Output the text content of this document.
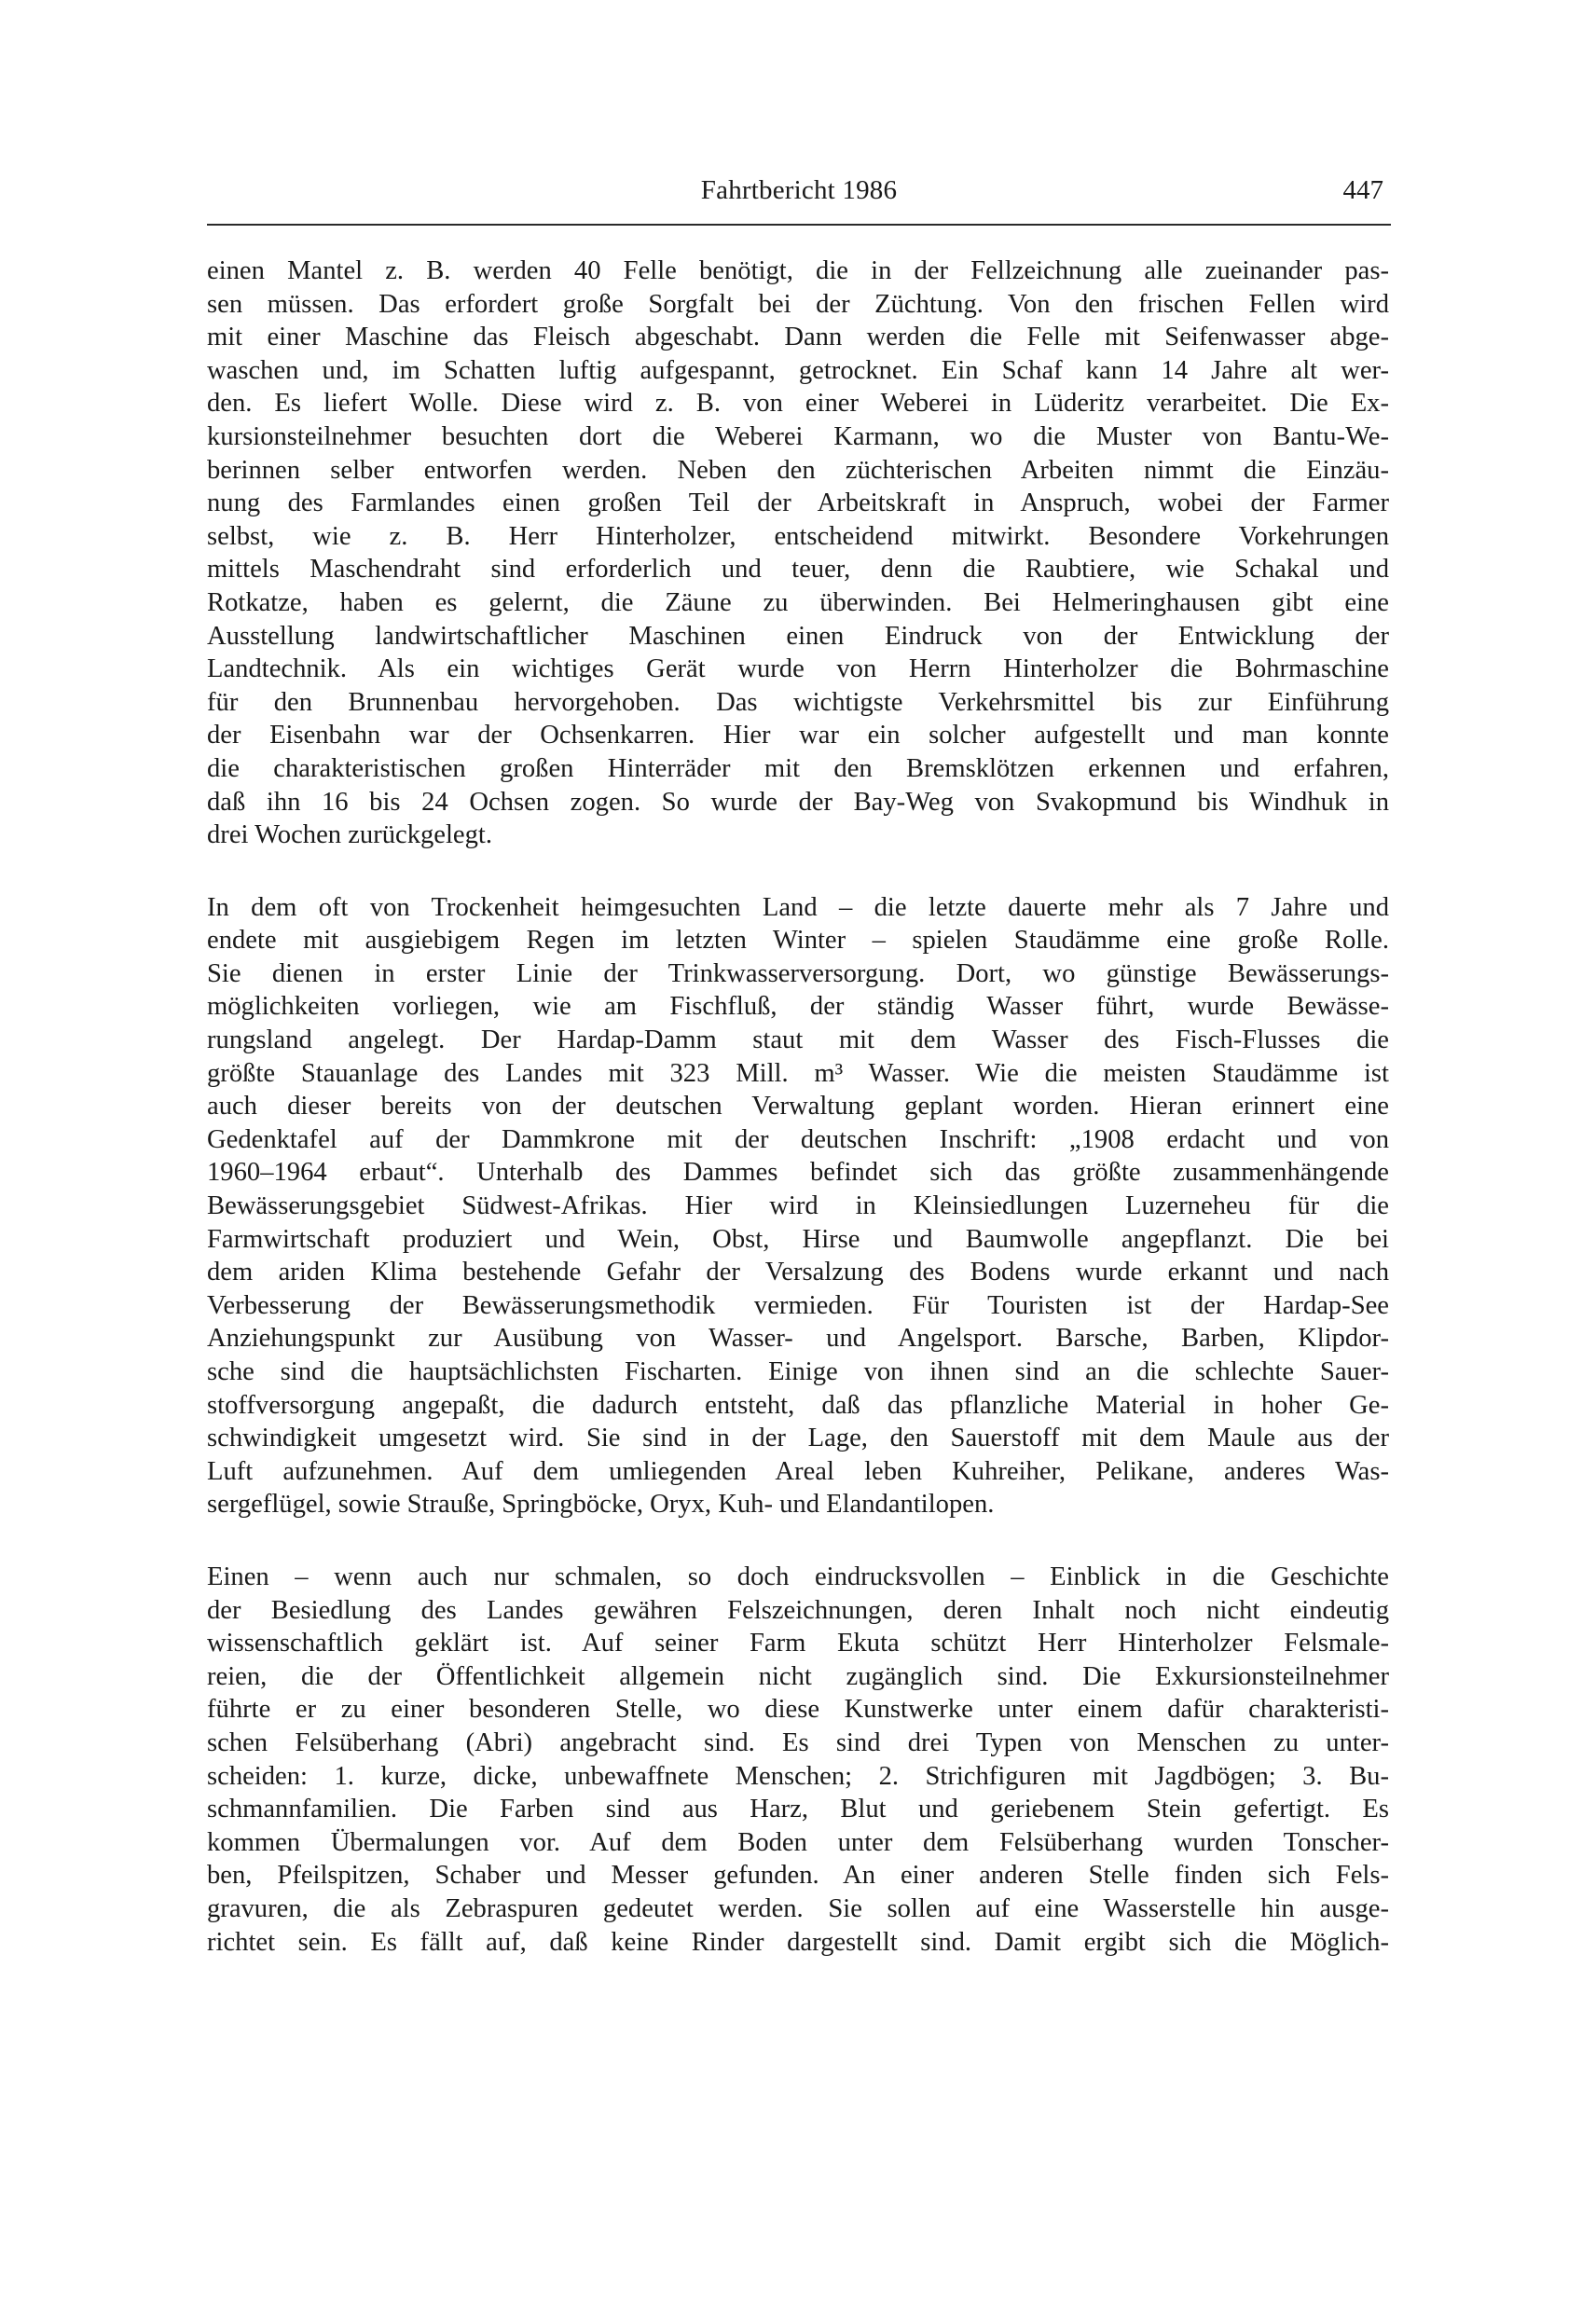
Fahrtbericht 1986	447
einen Mantel z. B. werden 40 Felle benötigt, die in der Fellzeichnung alle zueinander pas-
sen müssen. Das erfordert große Sorgfalt bei der Züchtung. Von den frischen Fellen wird
mit einer Maschine das Fleisch abgeschabt. Dann werden die Felle mit Seifenwasser abge-
waschen und, im Schatten luftig aufgespannt, getrocknet. Ein Schaf kann 14 Jahre alt wer-
den. Es liefert Wolle. Diese wird z. B. von einer Weberei in Lüderitz verarbeitet. Die Ex-
kursionsteilnehmer besuchten dort die Weberei Karmann, wo die Muster von Bantu-We-
berinnen selber entworfen werden. Neben den züchterischen Arbeiten nimmt die Einzäu-
nung des Farmlandes einen großen Teil der Arbeitskraft in Anspruch, wobei der Farmer
selbst, wie z. B. Herr Hinterholzer, entscheidend mitwirkt. Besondere Vorkehrungen
mittels Maschendraht sind erforderlich und teuer, denn die Raubtiere, wie Schakal und
Rotkatze, haben es gelernt, die Zäune zu überwinden. Bei Helmeringhausen gibt eine
Ausstellung landwirtschaftlicher Maschinen einen Eindruck von der Entwicklung der
Landtechnik. Als ein wichtiges Gerät wurde von Herrn Hinterholzer die Bohrmaschine
für den Brunnenbau hervorgehoben. Das wichtigste Verkehrsmittel bis zur Einführung
der Eisenbahn war der Ochsenkarren. Hier war ein solcher aufgestellt und man konnte
die charakteristischen großen Hinterräder mit den Bremsklötzen erkennen und erfahren,
daß ihn 16 bis 24 Ochsen zogen. So wurde der Bay-Weg von Svakopmund bis Windhuk in
drei Wochen zurückgelegt.
In dem oft von Trockenheit heimgesuchten Land – die letzte dauerte mehr als 7 Jahre und
endete mit ausgiebigem Regen im letzten Winter – spielen Staudämme eine große Rolle.
Sie dienen in erster Linie der Trinkwasserversorgung. Dort, wo günstige Bewässerungs-
möglichkeiten vorliegen, wie am Fischfluß, der ständig Wasser führt, wurde Bewässe-
rungsland angelegt. Der Hardap-Damm staut mit dem Wasser des Fisch-Flusses die
größte Stauanlage des Landes mit 323 Mill. m³ Wasser. Wie die meisten Staudämme ist
auch dieser bereits von der deutschen Verwaltung geplant worden. Hieran erinnert eine
Gedenktafel auf der Dammkrone mit der deutschen Inschrift: „1908 erdacht und von
1960–1964 erbaut“. Unterhalb des Dammes befindet sich das größte zusammenhängende
Bewässerungsgebiet Südwest-Afrikas. Hier wird in Kleinsiedlungen Luzerneheu für die
Farmwirtschaft produziert und Wein, Obst, Hirse und Baumwolle angepflanzt. Die bei
dem ariden Klima bestehende Gefahr der Versalzung des Bodens wurde erkannt und nach
Verbesserung der Bewässerungsmethodik vermieden. Für Touristen ist der Hardap-See
Anziehungspunkt zur Ausübung von Wasser- und Angelsport. Barsche, Barben, Klipdor-
sche sind die hauptsächlichsten Fischarten. Einige von ihnen sind an die schlechte Sauer-
stoffversorgung angepaßt, die dadurch entsteht, daß das pflanzliche Material in hoher Ge-
schwindigkeit umgesetzt wird. Sie sind in der Lage, den Sauerstoff mit dem Maule aus der
Luft aufzunehmen. Auf dem umliegenden Areal leben Kuhreiher, Pelikane, anderes Was-
sergeflügel, sowie Strauße, Springböcke, Oryx, Kuh- und Elandantilopen.
Einen – wenn auch nur schmalen, so doch eindrucksvollen – Einblick in die Geschichte
der Besiedlung des Landes gewähren Felszeichnungen, deren Inhalt noch nicht eindeutig
wissenschaftlich geklärt ist. Auf seiner Farm Ekuta schützt Herr Hinterholzer Felsmale-
reien, die der Öffentlichkeit allgemein nicht zugänglich sind. Die Exkursionsteilnehmer
führte er zu einer besonderen Stelle, wo diese Kunstwerke unter einem dafür charakteristi-
schen Felsüberhang (Abri) angebracht sind. Es sind drei Typen von Menschen zu unter-
scheiden: 1. kurze, dicke, unbewaffnete Menschen; 2. Strichfiguren mit Jagdbögen; 3. Bu-
schmannfamilien. Die Farben sind aus Harz, Blut und geriebenem Stein gefertigt. Es
kommen Übermalungen vor. Auf dem Boden unter dem Felsüberhang wurden Tonscher-
ben, Pfeilspitzen, Schaber und Messer gefunden. An einer anderen Stelle finden sich Fels-
gravuren, die als Zebraspuren gedeutet werden. Sie sollen auf eine Wasserstelle hin ausge-
richtet sein. Es fällt auf, daß keine Rinder dargestellt sind. Damit ergibt sich die Möglich-
